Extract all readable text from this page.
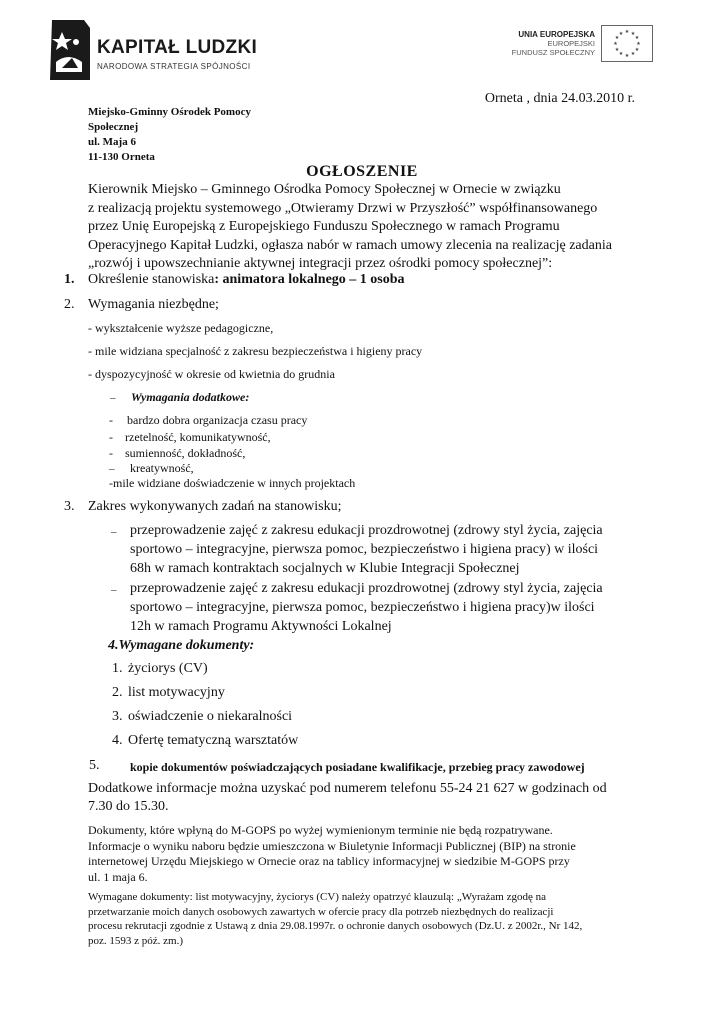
KAPITAŁ LUDZKI
NARODOWA STRATEGIA SPÓJNOŚCI
UNIA EUROPEJSKA
EUROPEJSKI
FUNDUSZ SPOŁECZNY
★ ★
★
★
★
★
★
★
★
★
★
★
Orneta , dnia 24.03.2010 r.
Miejsko-Gminny Ośrodek Pomocy
Społecznej
ul. Maja 6
11-130 Orneta
OGŁOSZENIE

Kierownik Miejsko – Gminnego Ośrodka Pomocy Społecznej w Ornecie w związku

z realizacją projektu systemowego „Otwieramy Drzwi w Przyszłość” współfinansowanego

przez Unię Europejską z Europejskiego Funduszu Społecznego w ramach Programu

Operacyjnego Kapitał Ludzki, ogłasza nabór w ramach umowy zlecenia na realizację zadania

„rozwój i upowszechnianie aktywnej integracji przez ośrodki pomocy społecznej”:

1. Określenie stanowiska: animatora lokalnego – 1 osoba
2. Wymagania niezbędne;
- wykształcenie wyższe pedagogiczne,
- mile widziana specjalność z zakresu bezpieczeństwa i higieny pracy
- dyspozycyjność w okresie od kwietnia do grudnia
– Wymagania dodatkowe:
- bardzo dobra organizacja czasu pracy
- rzetelność, komunikatywność,
- sumienność, dokładność,
– kreatywność,
-mile widziane doświadczenie w innych projektach
3. Zakres wykonywanych zadań na stanowisku;
– przeprowadzenie zajęć z zakresu edukacji prozdrowotnej (zdrowy styl życia, zajęcia
sportowo – integracyjne, pierwsza pomoc, bezpieczeństwo i higiena pracy) w ilości
68h w ramach kontraktach socjalnych w Klubie Integracji Społecznej
– przeprowadzenie zajęć z zakresu edukacji prozdrowotnej (zdrowy styl życia, zajęcia
sportowo – integracyjne, pierwsza pomoc, bezpieczeństwo i higiena pracy)w ilości
12h w ramach Programu Aktywności Lokalnej
4.Wymagane dokumenty:
1. życiorys (CV)
2. list motywacyjny
3. oświadczenie o niekaralności
4. Ofertę tematyczną warsztatów
5.	kopie dokumentów poświadczających posiadane kwalifikacje, przebieg pracy zawodowej
Dodatkowe informacje można uzyskać pod numerem telefonu 55-24 21 627 w godzinach od
7.30 do 15.30.
Dokumenty, które wpłyną do M-GOPS po wyżej wymienionym terminie nie będą rozpatrywane.
Informacje o wyniku naboru będzie umieszczona w Biuletynie Informacji Publicznej (BIP) na stronie
internetowej Urzędu Miejskiego w Ornecie oraz na tablicy informacyjnej w siedzibie M-GOPS przy
ul. 1 maja 6.
Wymagane dokumenty: list motywacyjny, życiorys (CV) należy opatrzyć klauzulą: „Wyrażam zgodę na
przetwarzanie moich danych osobowych zawartych w ofercie pracy dla potrzeb niezbędnych do realizacji
procesu rekrutacji zgodnie z Ustawą z dnia 29.08.1997r. o ochronie danych osobowych (Dz.U. z 2002r., Nr 142,
poz. 1593 z póź. zm.)
